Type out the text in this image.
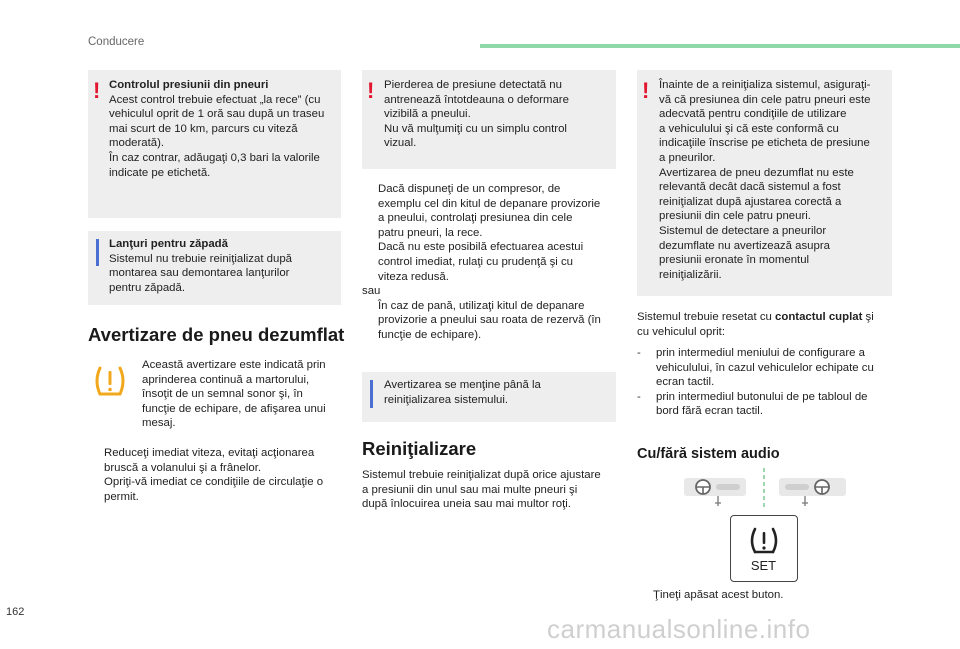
Conducere
! Controlul presiunii din pneuri
Acest control trebuie efectuat „la rece” (cu
vehiculul oprit de 1 oră sau după un traseu
mai scurt de 10 km, parcurs cu viteză
moderată).
În caz contrar, adăugaţi 0,3 bari la valorile
indicate pe etichetă.
Lanţuri pentru zăpadă
Sistemul nu trebuie reiniţializat după
montarea sau demontarea lanţurilor
pentru zăpadă.
Avertizare de pneu dezumflat
Această avertizare este indicată prin
aprinderea continuă a martorului,
însoţit de un semnal sonor şi, în
funcţie de echipare, de afişarea unui
mesaj.
Reduceţi imediat viteza, evitaţi acţionarea
bruscă a volanului şi a frânelor.
Opriţi-vă imediat ce condiţiile de circulaţie o
permit.
! Pierderea de presiune detectată nu
antrenează întotdeauna o deformare
vizibilă a pneului.
Nu vă mulţumiţi cu un simplu control
vizual.
Dacă dispuneţi de un compresor, de
exemplu cel din kitul de depanare provizorie
a pneului, controlaţi presiunea din cele
patru pneuri, la rece.
Dacă nu este posibilă efectuarea acestui
control imediat, rulaţi cu prudenţă şi cu
viteza redusă.
sau
În caz de pană, utilizaţi kitul de depanare
provizorie a pneului sau roata de rezervă (în
funcţie de echipare).
Avertizarea se menţine până la
reiniţializarea sistemului.
Reiniţializare
Sistemul trebuie reiniţializat după orice ajustare
a presiunii din unul sau mai multe pneuri şi
după înlocuirea uneia sau mai multor roţi.
! Înainte de a reiniţializa sistemul, asiguraţi-
vă că presiunea din cele patru pneuri este
adecvată pentru condiţiile de utilizare
a vehiculului şi că este conformă cu
indicaţiile înscrise pe eticheta de presiune
a pneurilor.
Avertizarea de pneu dezumflat nu este
relevantă decât dacă sistemul a fost
reiniţializat după ajustarea corectă a
presiunii din cele patru pneuri.
Sistemul de detectare a pneurilor
dezumflate nu avertizează asupra
presiunii eronate în momentul
reiniţializării.
Sistemul trebuie resetat cu contactul cuplat şi
cu vehiculul oprit:
-	prin intermediul meniului de configurare a
vehiculului, în cazul vehiculelor echipate cu
ecran tactil.
-	prin intermediul butonului de pe tabloul de
bord fără ecran tactil.
Cu/fără sistem audio
SET
Ţineţi apăsat acest buton.
162
carmanualsonline.info
